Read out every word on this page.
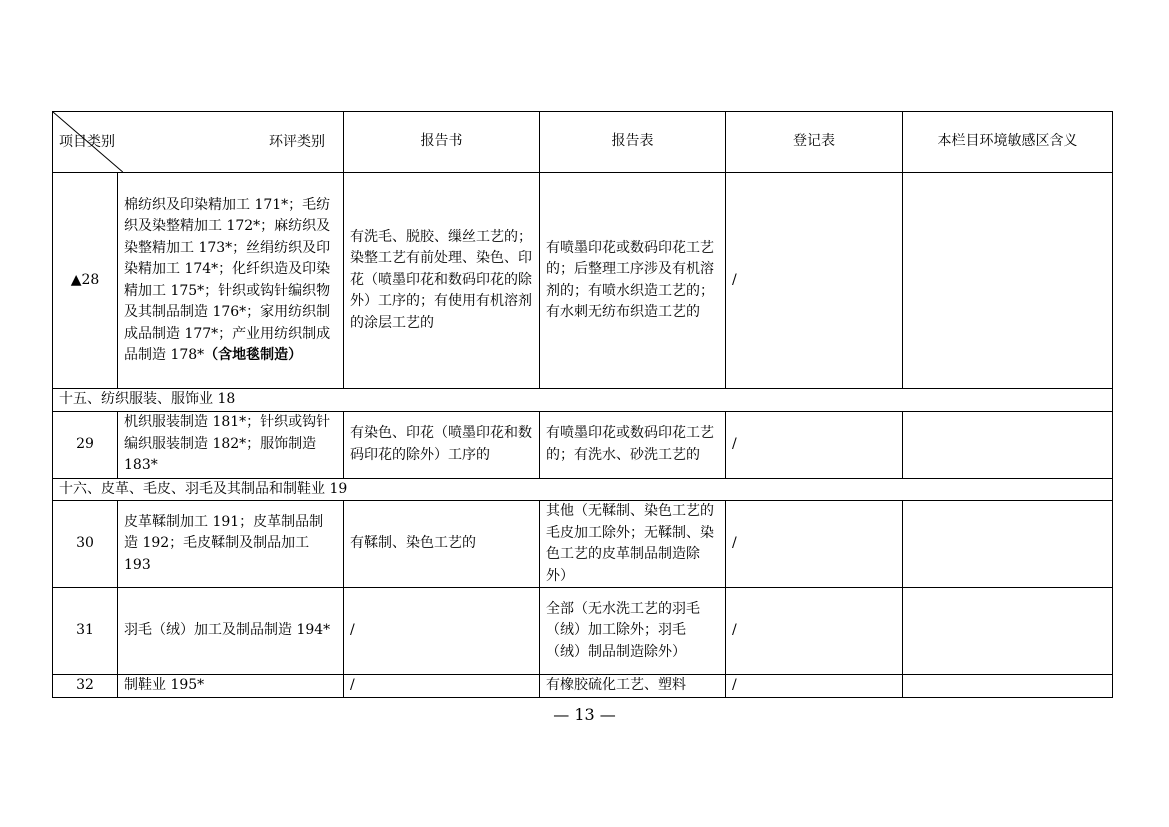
项目类别 环评类别		报告书	报告表	登记表	本栏目环境敏感区含义
▲28	棉纺织及印染精加工 171*；毛纺织及染整精加工 172*；麻纺织及染整精加工 173*；丝绢纺织及印染精加工 174*；化纤织造及印染精加工 175*；针织或钩针编织物及其制品制造 176*；家用纺织制成品制造 177*；产业用纺织制成品制造 178*（含地毯制造）	有洗毛、脱胶、缫丝工艺的；染整工艺有前处理、染色、印花（喷墨印花和数码印花的除外）工序的；有使用有机溶剂的涂层工艺的	有喷墨印花或数码印花工艺的；后整理工序涉及有机溶剂的；有喷水织造工艺的；有水刺无纺布织造工艺的	/	
十五、纺织服装、服饰业 18					
29	机织服装制造 181*；针织或钩针编织服装制造 182*；服饰制造 183*	有染色、印花（喷墨印花和数码印花的除外）工序的	有喷墨印花或数码印花工艺的；有洗水、砂洗工艺的	/	
十六、皮革、毛皮、羽毛及其制品和制鞋业 19					
30	皮革鞣制加工 191；皮革制品制造 192；毛皮鞣制及制品加工 193	有鞣制、染色工艺的	其他（无鞣制、染色工艺的毛皮加工除外；无鞣制、染色工艺的皮革制品制造除外）	/	
31	羽毛（绒）加工及制品制造 194*	/	全部（无水洗工艺的羽毛（绒）加工除外；羽毛（绒）制品制造除外）	/	
32	制鞋业 195*	/	有橡胶硫化工艺、塑料	/	
— 13 —
